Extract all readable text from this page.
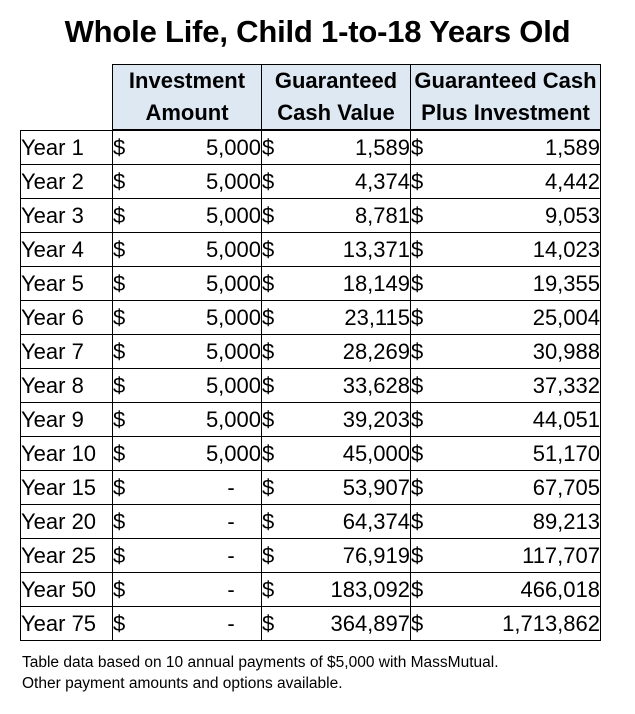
Whole Life, Child 1-to-18 Years Old
	Investment	Guaranteed	Guaranteed Cash
	Amount	Cash Value	Plus Investment
Year 1	$ 5,000	$ 1,589	$ 1,589

Year 2	$ 5,000	$ 4,374	$ 4,442

Year 3	$ 5,000	$ 8,781	$ 9,053

Year 4	$ 5,000	$ 13,371	$ 14,023

Year 5	$ 5,000	$ 18,149	$ 19,355

Year 6	$ 5,000	$ 23,115	$ 25,004

Year 7	$ 5,000	$ 28,269	$ 30,988

Year 8	$ 5,000	$ 33,628	$ 37,332

Year 9	$ 5,000	$ 39,203	$ 44,051

Year 10	$ 5,000	$ 45,000	$ 51,170

Year 15	$ -	$ 53,907	$ 67,705

Year 20	$ -	$ 64,374	$ 89,213

Year 25	$ -	$ 76,919	$ 117,707

Year 50	$ -	$ 183,092	$ 466,018

Year 75	$ -	$ 364,897	$ 1,713,862
Table data based on 10 annual payments of $5,000 with MassMutual.
Other payment amounts and options available.
